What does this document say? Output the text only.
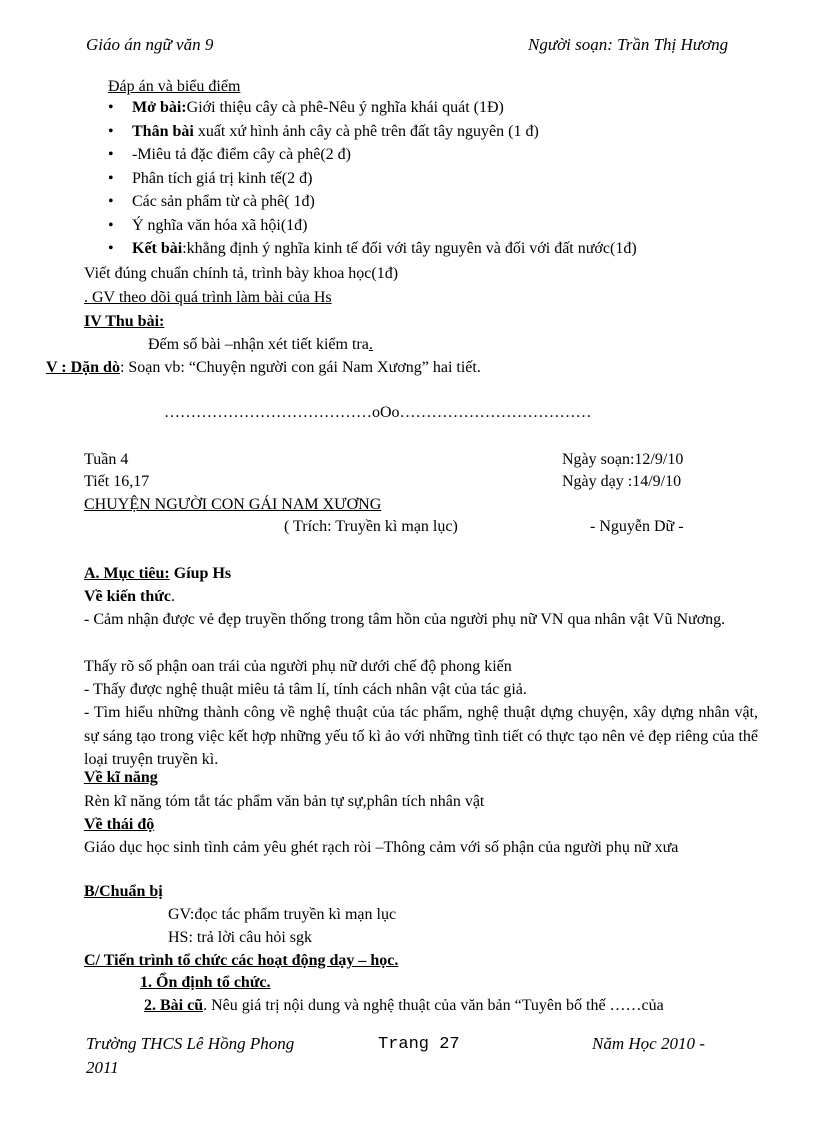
Giáo án ngữ văn 9	Người soạn: Trần Thị Hương
Đáp án và biểu điểm
• Mở bài:Giới thiệu cây cà phê-Nêu ý nghĩa khái quát (1Đ)
• Thân bài xuất xứ hình ảnh cây cà phê trên đất tây nguyên (1 đ)
• -Miêu tả đặc điểm cây cà phê(2 đ)
• Phân tích giá trị kinh tế(2 đ)
• Các sản phẩm từ cà phê( 1đ)
• Ý nghĩa văn hóa xã hội(1đ)
• Kết bài:khẳng định ý nghĩa kinh tế đối với tây nguyên và đối với đất nước(1đ)
Viết đúng chuẩn chính tả, trình bày khoa học(1đ)
. GV theo dõi quá trình làm bài của Hs
IV Thu bài:
Đếm số bài –nhận xét tiết kiểm tra.
V : Dặn dò: Soạn vb: “Chuyện người con gái Nam Xương” hai tiết.
…………………………………oOo………………………………
Tuần 4	Ngày soạn:12/9/10
Tiết 16,17	Ngày dạy :14/9/10
CHUYỆN NGƯỜI CON GÁI NAM XƯƠNG
( Trích: Truyền kì mạn lục)	- Nguyễn Dữ -
A. Mục tiêu: Gíup Hs
Về kiến thức.
- Cảm nhận được vẻ đẹp truyền thống trong tâm hồn của người phụ nữ VN qua nhân vật Vũ Nương.
Thấy rõ số phận oan trái của người phụ nữ dưới chế độ phong kiến
- Thấy được nghệ thuật miêu tả tâm lí, tính cách nhân vật của tác giả.
- Tìm hiểu những thành công về nghệ thuật của tác phẩm, nghệ thuật dựng chuyện, xây dựng nhân vật, sự sáng tạo trong việc kết hợp những yếu tố kì ảo với những tình tiết có thực tạo nên vẻ đẹp riêng của thể loại truyện truyền kì.
Về kĩ năng
Rèn kĩ năng tóm tắt tác phẩm văn bản tự sự,phân tích nhân vật
Về thái độ
Giáo dục học sinh tình cảm yêu ghét rạch ròi –Thông cảm với số phận của người phụ nữ xưa
B/Chuẩn bị
GV:đọc tác phẩm truyền kì mạn lục
HS: trả lời câu hỏi sgk
C/ Tiến trình tổ chức các hoạt động dạy – học.
1. Ổn định tổ chức.
2. Bài cũ. Nêu giá trị nội dung và nghệ thuật của văn bản “Tuyên bố thế ……của
Trường THCS Lê Hồng Phong	Trang 27	Năm Học 2010 -
2011
